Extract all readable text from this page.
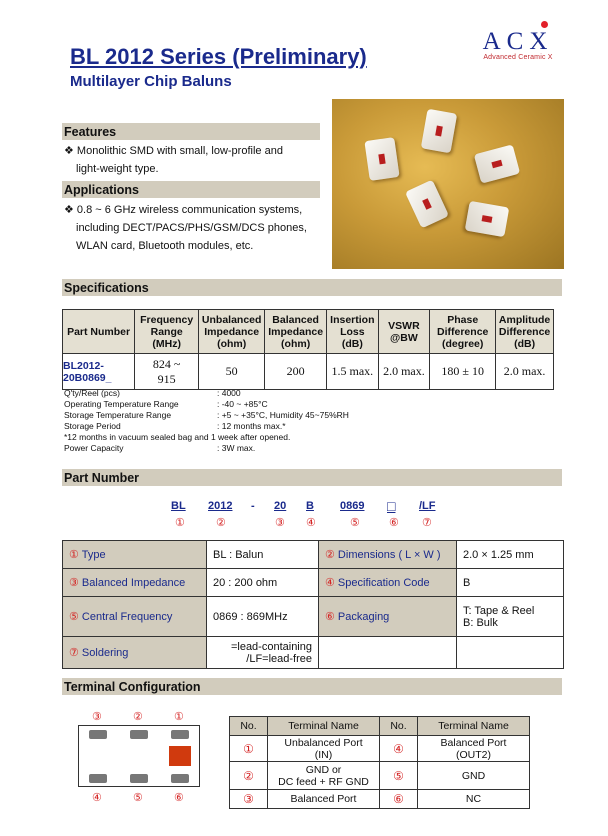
BL 2012 Series (Preliminary)
Multilayer Chip Baluns
ACX
Advanced Ceramic X
Features
❖ Monolithic SMD with small, low-profile and
light-weight type.
Applications
❖ 0.8 ~ 6 GHz wireless communication systems,
including DECT/PACS/PHS/GSM/DCS phones,
WLAN card, Bluetooth modules, etc.
Specifications
Part Number	Frequency
Range
(MHz)	Unbalanced
Impedance
(ohm)	Balanced
Impedance
(ohm)	Insertion
Loss
(dB)	VSWR
@BW	Phase
Difference
(degree)	Amplitude
Difference
(dB)
BL2012-
20B0869_	824 ~
915	50	200	1.5 max.	2.0 max.	180 ± 10	2.0 max.
Q'ty/Reel (pcs)	: 4000
Operating Temperature Range	: -40 ~ +85°C
Storage Temperature Range	: +5 ~ +35°C, Humidity 45~75%RH
Storage Period	: 12 months max.*
*12 months in vacuum sealed bag and 1 week after opened.
Power Capacity	: 3W max.
Part Number
BL 2012 - 20 B 0869 □ /LF
①	②	③ ④	⑤	⑥ ⑦
① Type	BL : Balun	② Dimensions ( L × W )	2.0 × 1.25 mm
③ Balanced Impedance	20 : 200 ohm	④ Specification Code	B
⑤ Central Frequency	0869 : 869MHz	⑥ Packaging	T: Tape & Reel
B: Bulk
⑦ Soldering	=lead-containing
/LF=lead-free		
Terminal Configuration
③	②	①
④	⑤	⑥
No.	Terminal Name	No.	Terminal Name
①	Unbalanced Port
(IN)	④	Balanced Port
(OUT2)
②	GND or
DC feed + RF GND	⑤	GND
③	Balanced Port	⑥	NC
